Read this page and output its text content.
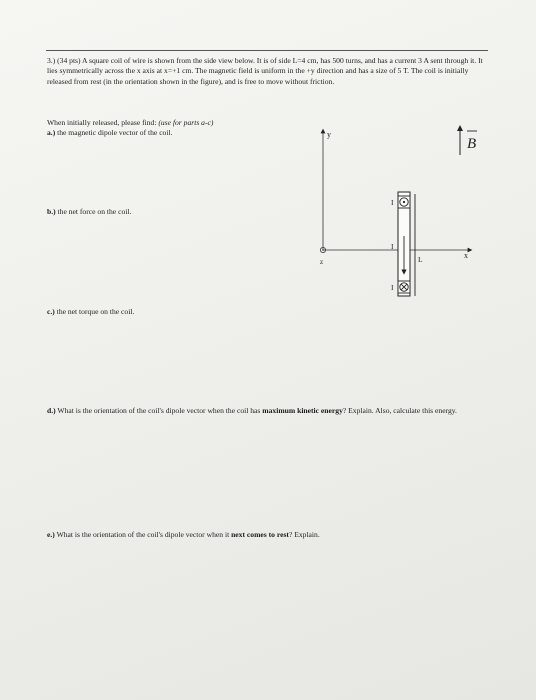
3.) (34 pts) A square coil of wire is shown from the side view below. It is of side L=4 cm, has 500 turns, and has a current 3 A sent through it. It lies symmetrically across the x axis at x=+1 cm. The magnetic field is uniform in the +y direction and has a size of 5 T. The coil is initially released from rest (in the orientation shown in the figure), and is free to move without friction.
When initially released, please find: (use for parts a-c)
a.) the magnetic dipole vector of the coil.
b.) the net force on the coil.
c.) the net torque on the coil.
d.) What is the orientation of the coil's dipole vector when the coil has maximum kinetic energy? Explain. Also, calculate this energy.
e.) What is the orientation of the coil's dipole vector when it next comes to rest? Explain.
B
y
x
z
I
I
I
L
